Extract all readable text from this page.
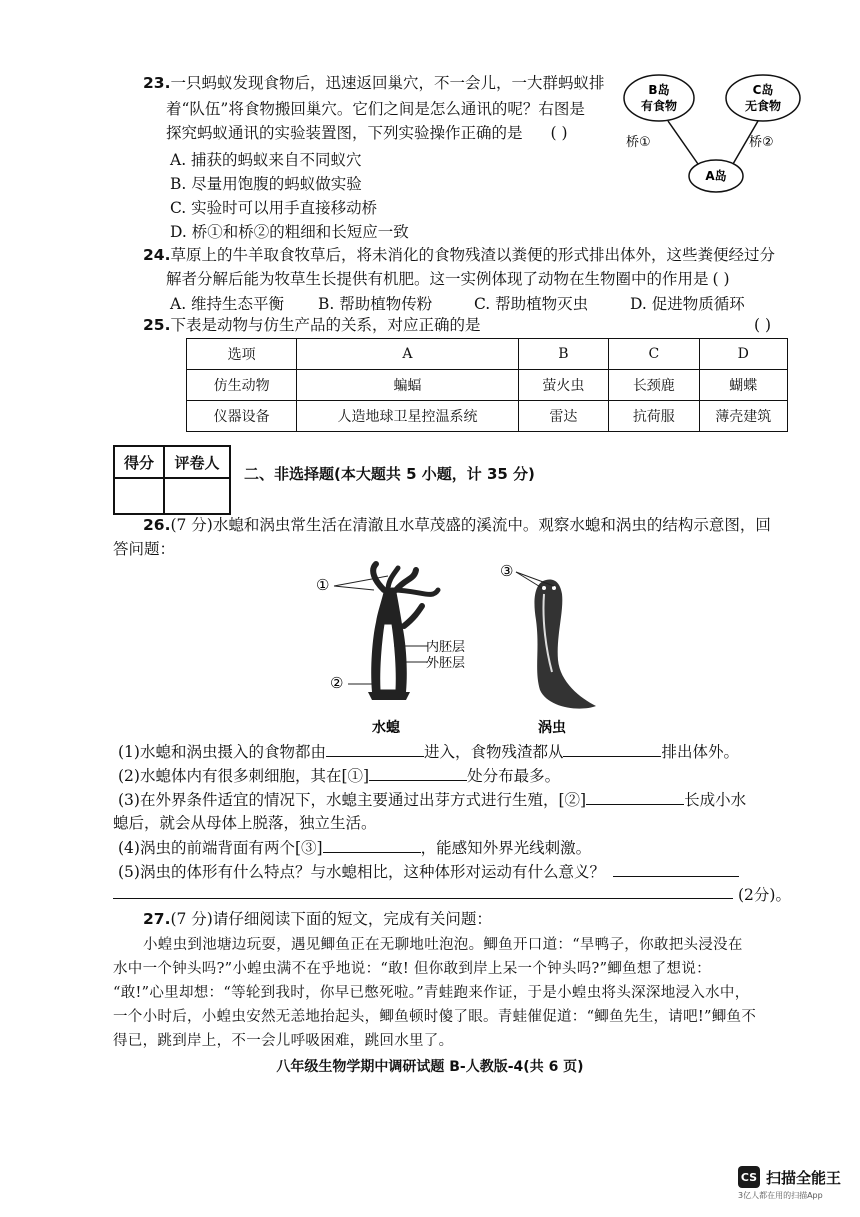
23.一只蚂蚁发现食物后，迅速返回巢穴，不一会儿，一大群蚂蚁排
着“队伍”将食物搬回巢穴。它们之间是怎么通讯的呢？右图是
探究蚂蚁通讯的实验装置图，下列实验操作正确的是 ( )
A. 捕获的蚂蚁来自不同蚁穴
B. 尽量用饱腹的蚂蚁做实验
C. 实验时可以用手直接移动桥
D. 桥①和桥②的粗细和长短应一致
B岛
有食物
C岛
无食物
桥①	桥②
A岛
24.草原上的牛羊取食牧草后，将未消化的食物残渣以粪便的形式排出体外，这些粪便经过分
解者分解后能为牧草生长提供有机肥。这一实例体现了动物在生物圈中的作用是 ( )
A. 维持生态平衡 B. 帮助植物传粉	C. 帮助植物灭虫	D. 促进物质循环
25.下表是动物与仿生产品的关系，对应正确的是	( )
选项	A	B	C	D
仿生动物	蝙蝠	萤火虫	长颈鹿	蝴蝶
仪器设备	人造地球卫星控温系统	雷达	抗荷服	薄壳建筑
得分	评卷人

二、非选择题(本大题共 5 小题，计 35 分)
26.(7 分)水螅和涡虫常生活在清澈且水草茂盛的溪流中。观察水螅和涡虫的结构示意图，回
答问题：
①
②
内胚层
外胚层
水螅
③
涡虫
(1)水螅和涡虫摄入的食物都由	进入，食物残渣都从	排出体外。
(2)水螅体内有很多刺细胞，其在[①]	处分布最多。
(3)在外界条件适宜的情况下，水螅主要通过出芽方式进行生殖，[②]	长成小水
螅后，就会从母体上脱落，独立生活。
(4)涡虫的前端背面有两个[③]	，能感知外界光线刺激。
(5)涡虫的体形有什么特点？与水螅相比，这种体形对运动有什么意义？
(2分)。
27.(7 分)请仔细阅读下面的短文，完成有关问题：
小蝗虫到池塘边玩耍，遇见鲫鱼正在无聊地吐泡泡。鲫鱼开口道：“旱鸭子，你敢把头浸没在
水中一个钟头吗?”小蝗虫满不在乎地说：“敢! 但你敢到岸上呆一个钟头吗?”鲫鱼想了想说：
“敢!”心里却想：“等轮到我时，你早已憋死啦。”青蛙跑来作证，于是小蝗虫将头深深地浸入水中，
一个小时后，小蝗虫安然无恙地抬起头，鲫鱼顿时傻了眼。青蛙催促道：“鲫鱼先生，请吧!”鲫鱼不
得已，跳到岸上，不一会儿呼吸困难，跳回水里了。
八年级生物学期中调研试题 B-人教版-4(共 6 页)
CS 扫描全能王
3亿人都在用的扫描App
